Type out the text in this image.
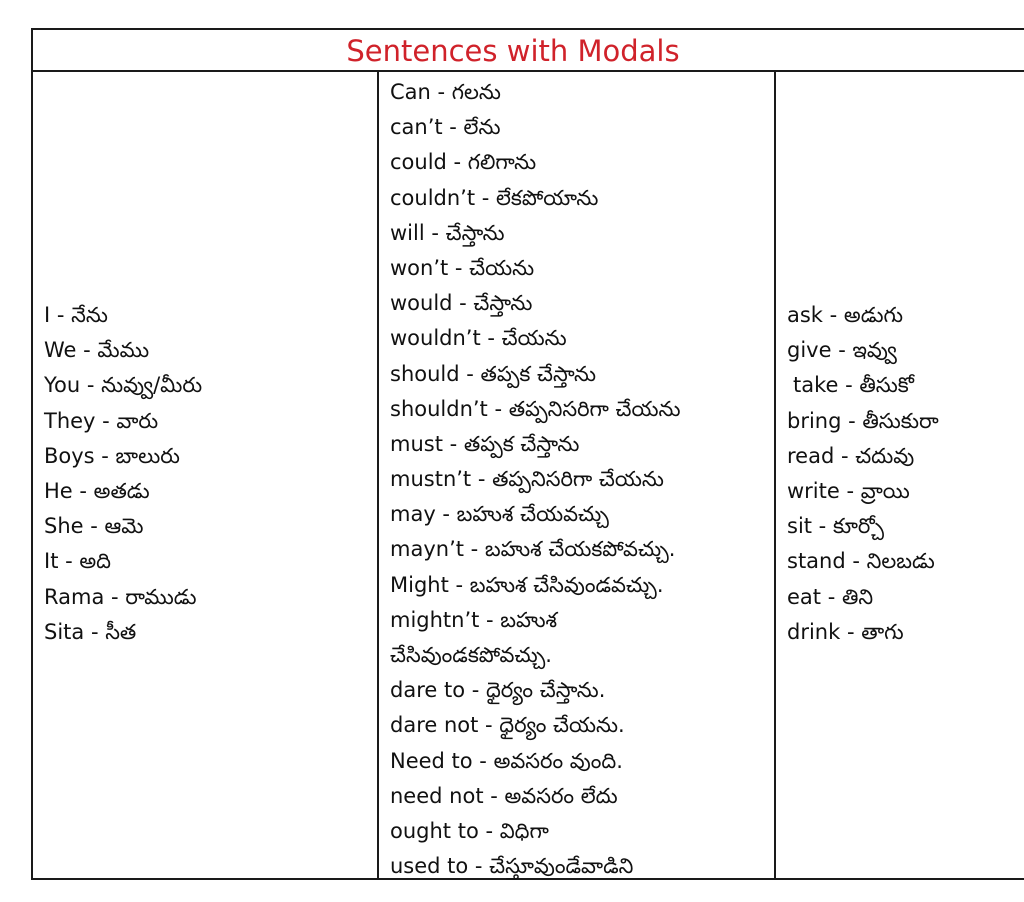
Sentences with Modals
I - నేను
We - మేము
You - నువ్వు/మీరు
They - వారు
Boys - బాలురు
He - అతడు
She - ఆమె
It - అది
Rama - రాముడు
Sita - సీత
Can - గలను
can’t - లేను
could - గలిగాను
couldn’t - లేకపోయాను
will - చేస్తాను
won’t - చేయను
would - చేస్తాను
wouldn’t - చేయను
should - తప్పక చేస్తాను
shouldn’t - తప్పనిసరిగా చేయను
must - తప్పక చేస్తాను
mustn’t - తప్పనిసరిగా చేయను
may - బహుశ చేయవచ్చు
mayn’t - బహుశ చేయకపోవచ్చు.
Might - బహుశ చేసివుండవచ్చు.
mightn’t - బహుశ
చేసివుండకపోవచ్చు.
dare to - ధైర్యం చేస్తాను.
dare not - ధైర్యం చేయను.
Need to - అవసరం వుంది.
need not - అవసరం లేదు
ought to - విధిగా
used to - చేస్తూవుండేవాడిని
ask - అడుగు
give - ఇవ్వు
take - తీసుకో
bring - తీసుకురా
read - చదువు
write - వ్రాయి
sit - కూర్చో
stand - నిలబడు
eat - తిని
drink - తాగు
